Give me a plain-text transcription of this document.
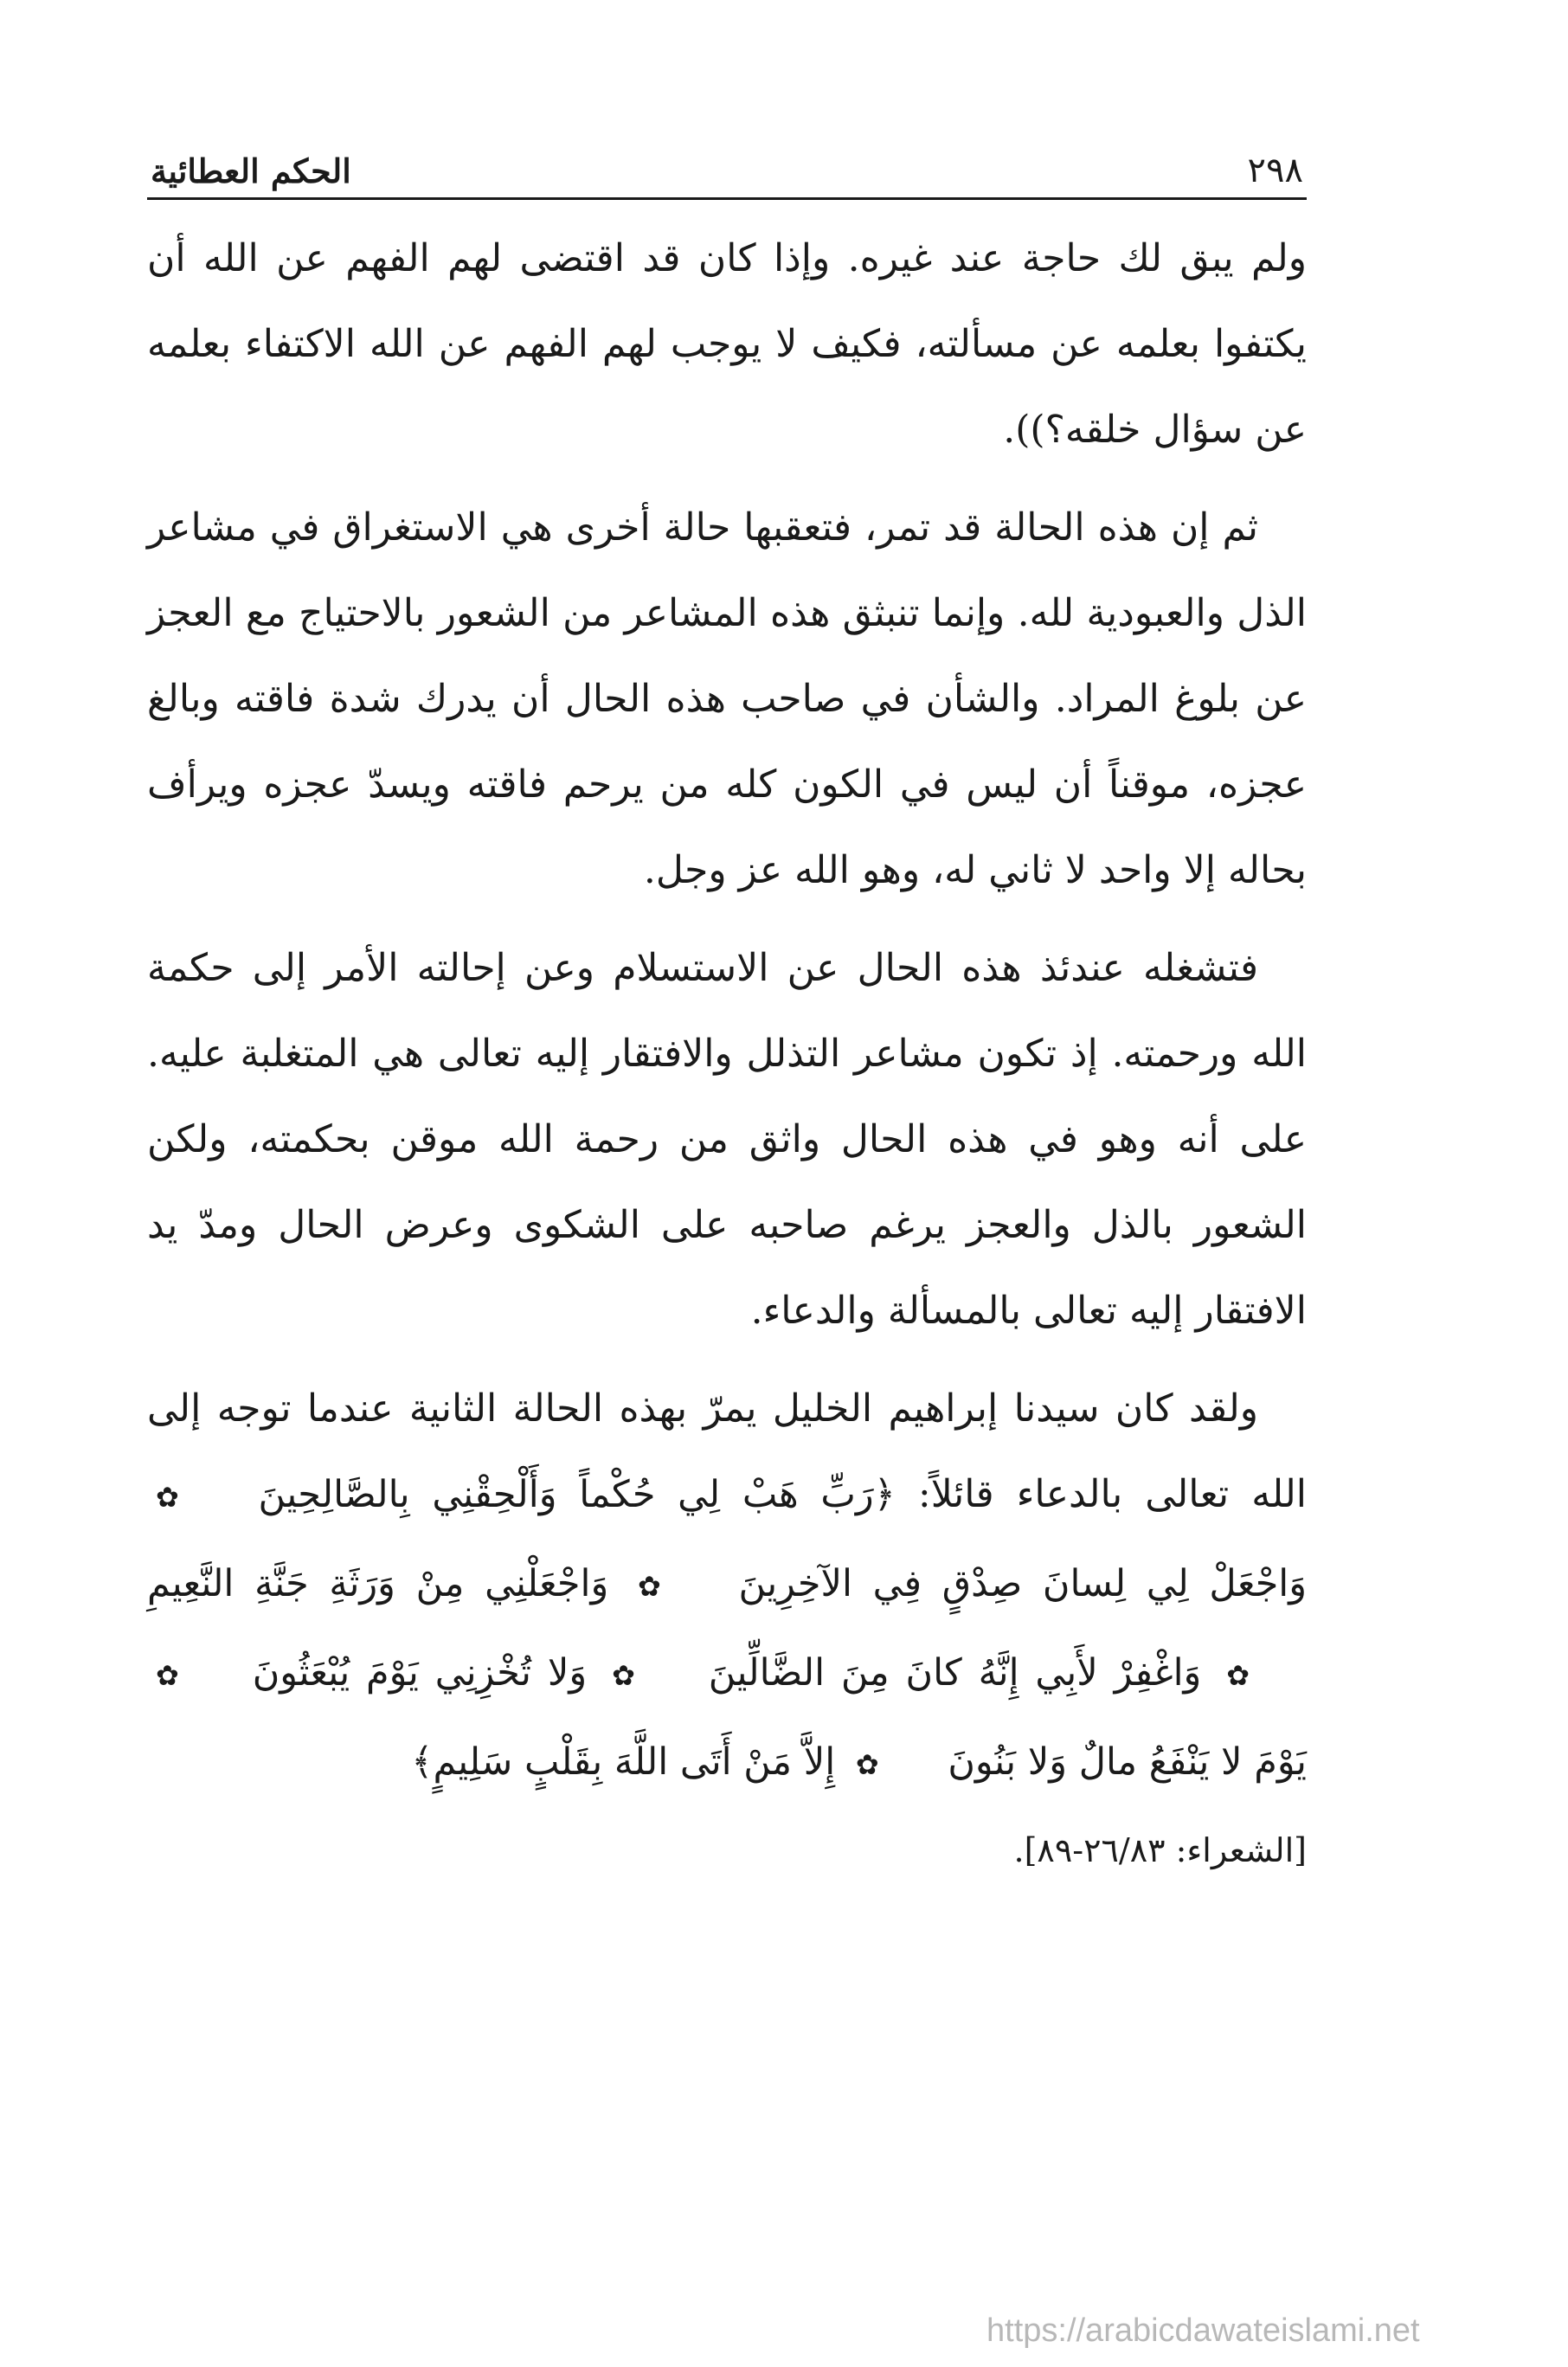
٢٩٨
الحكم العطائية

ولم يبق لك حاجة عند غيره. وإذا كان قد اقتضى لهم الفهم عن الله أن يكتفوا بعلمه عن مسألته، فكيف لا يوجب لهم الفهم عن الله الاكتفاء بعلمه عن سؤال خلقه؟)).

ثم إن هذه الحالة قد تمر، فتعقبها حالة أخرى هي الاستغراق في مشاعر الذل والعبودية لله. وإنما تنبثق هذه المشاعر من الشعور بالاحتياج مع العجز عن بلوغ المراد. والشأن في صاحب هذه الحال أن يدرك شدة فاقته وبالغ عجزه، موقناً أن ليس في الكون كله من يرحم فاقته ويسدّ عجزه ويرأف بحاله إلا واحد لا ثاني له، وهو الله عز وجل.

فتشغله عندئذ هذه الحال عن الاستسلام وعن إحالته الأمر إلى حكمة الله ورحمته. إذ تكون مشاعر التذلل والافتقار إليه تعالى هي المتغلبة عليه. على أنه وهو في هذه الحال واثق من رحمة الله موقن بحكمته، ولكن الشعور بالذل والعجز يرغم صاحبه على الشكوى وعرض الحال ومدّ يد الافتقار إليه تعالى بالمسألة والدعاء.

ولقد كان سيدنا إبراهيم الخليل يمرّ بهذه الحالة الثانية عندما توجه إلى الله تعالى بالدعاء قائلاً: ﴿رَبِّ هَبْ لِي حُكْماً وَأَلْحِقْنِي بِالصَّالِحِينَ ✿ وَاجْعَلْ لِي لِسانَ صِدْقٍ فِي الآخِرِينَ ✿ وَاجْعَلْنِي مِنْ وَرَثَةِ جَنَّةِ النَّعِيمِ ✿ وَاغْفِرْ لأَبِي إِنَّهُ كانَ مِنَ الضَّالِّينَ ✿ وَلا تُخْزِنِي يَوْمَ يُبْعَثُونَ ✿ يَوْمَ لا يَنْفَعُ مالٌ وَلا بَنُونَ ✿ إِلاَّ مَنْ أَتَى اللَّهَ بِقَلْبٍ سَلِيمٍ﴾

[الشعراء: ٢٦/٨٣-٨٩].
https://arabicdawateislami.net
